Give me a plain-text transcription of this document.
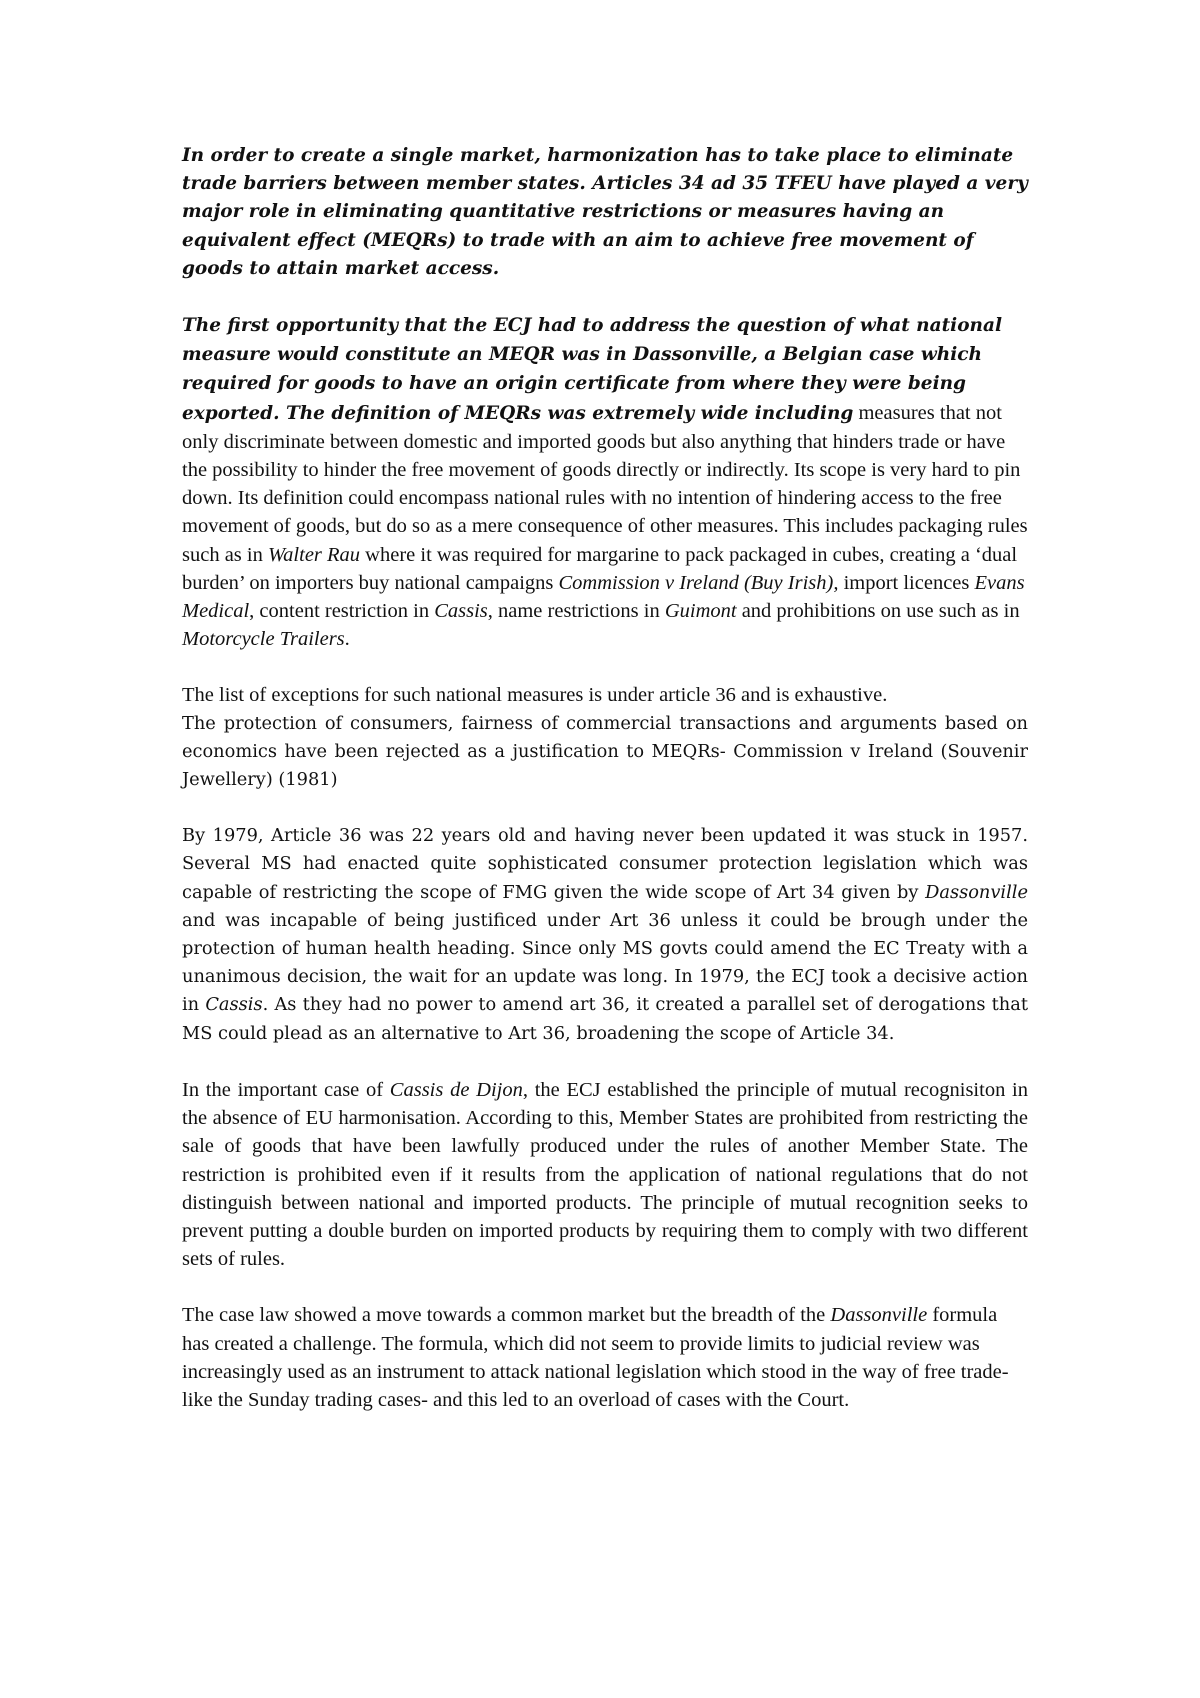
In order to create a single market, harmonization has to take place to eliminate trade barriers between member states. Articles 34 ad 35 TFEU have played a very major role in eliminating quantitative restrictions or measures having an equivalent effect (MEQRs) to trade with an aim to achieve free movement of goods to attain market access.

The first opportunity that the ECJ had to address the question of what national measure would constitute an MEQR was in Dassonville, a Belgian case which required for goods to have an origin certificate from where they were being exported. The definition of MEQRs was extremely wide including measures that not only discriminate between domestic and imported goods but also anything that hinders trade or have the possibility to hinder the free movement of goods directly or indirectly. Its scope is very hard to pin down. Its definition could encompass national rules with no intention of hindering access to the free movement of goods, but do so as a mere consequence of other measures. This includes packaging rules such as in Walter Rau where it was required for margarine to pack packaged in cubes, creating a ‘dual burden’ on importers buy national campaigns Commission v Ireland (Buy Irish), import licences Evans Medical, content restriction in Cassis, name restrictions in Guimont and prohibitions on use such as in Motorcycle Trailers.

The list of exceptions for such national measures is under article 36 and is exhaustive.
The protection of consumers, fairness of commercial transactions and arguments based on economics have been rejected as a justification to MEQRs- Commission v Ireland (Souvenir Jewellery) (1981)

By 1979, Article 36 was 22 years old and having never been updated it was stuck in 1957. Several MS had enacted quite sophisticated consumer protection legislation which was capable of restricting the scope of FMG given the wide scope of Art 34 given by Dassonville and was incapable of being justificed under Art 36 unless it could be brough under the protection of human health heading. Since only MS govts could amend the EC Treaty with a unanimous decision, the wait for an update was long. In 1979, the ECJ took a decisive action in Cassis. As they had no power to amend art 36, it created a parallel set of derogations that MS could plead as an alternative to Art 36, broadening the scope of Article 34.

In the important case of Cassis de Dijon, the ECJ established the principle of mutual recognisiton in the absence of EU harmonisation. According to this, Member States are prohibited from restricting the sale of goods that have been lawfully produced under the rules of another Member State. The restriction is prohibited even if it results from the application of national regulations that do not distinguish between national and imported products. The principle of mutual recognition seeks to prevent putting a double burden on imported products by requiring them to comply with two different sets of rules.

The case law showed a move towards a common market but the breadth of the Dassonville formula has created a challenge. The formula, which did not seem to provide limits to judicial review was increasingly used as an instrument to attack national legislation which stood in the way of free trade- like the Sunday trading cases- and this led to an overload of cases with the Court.
